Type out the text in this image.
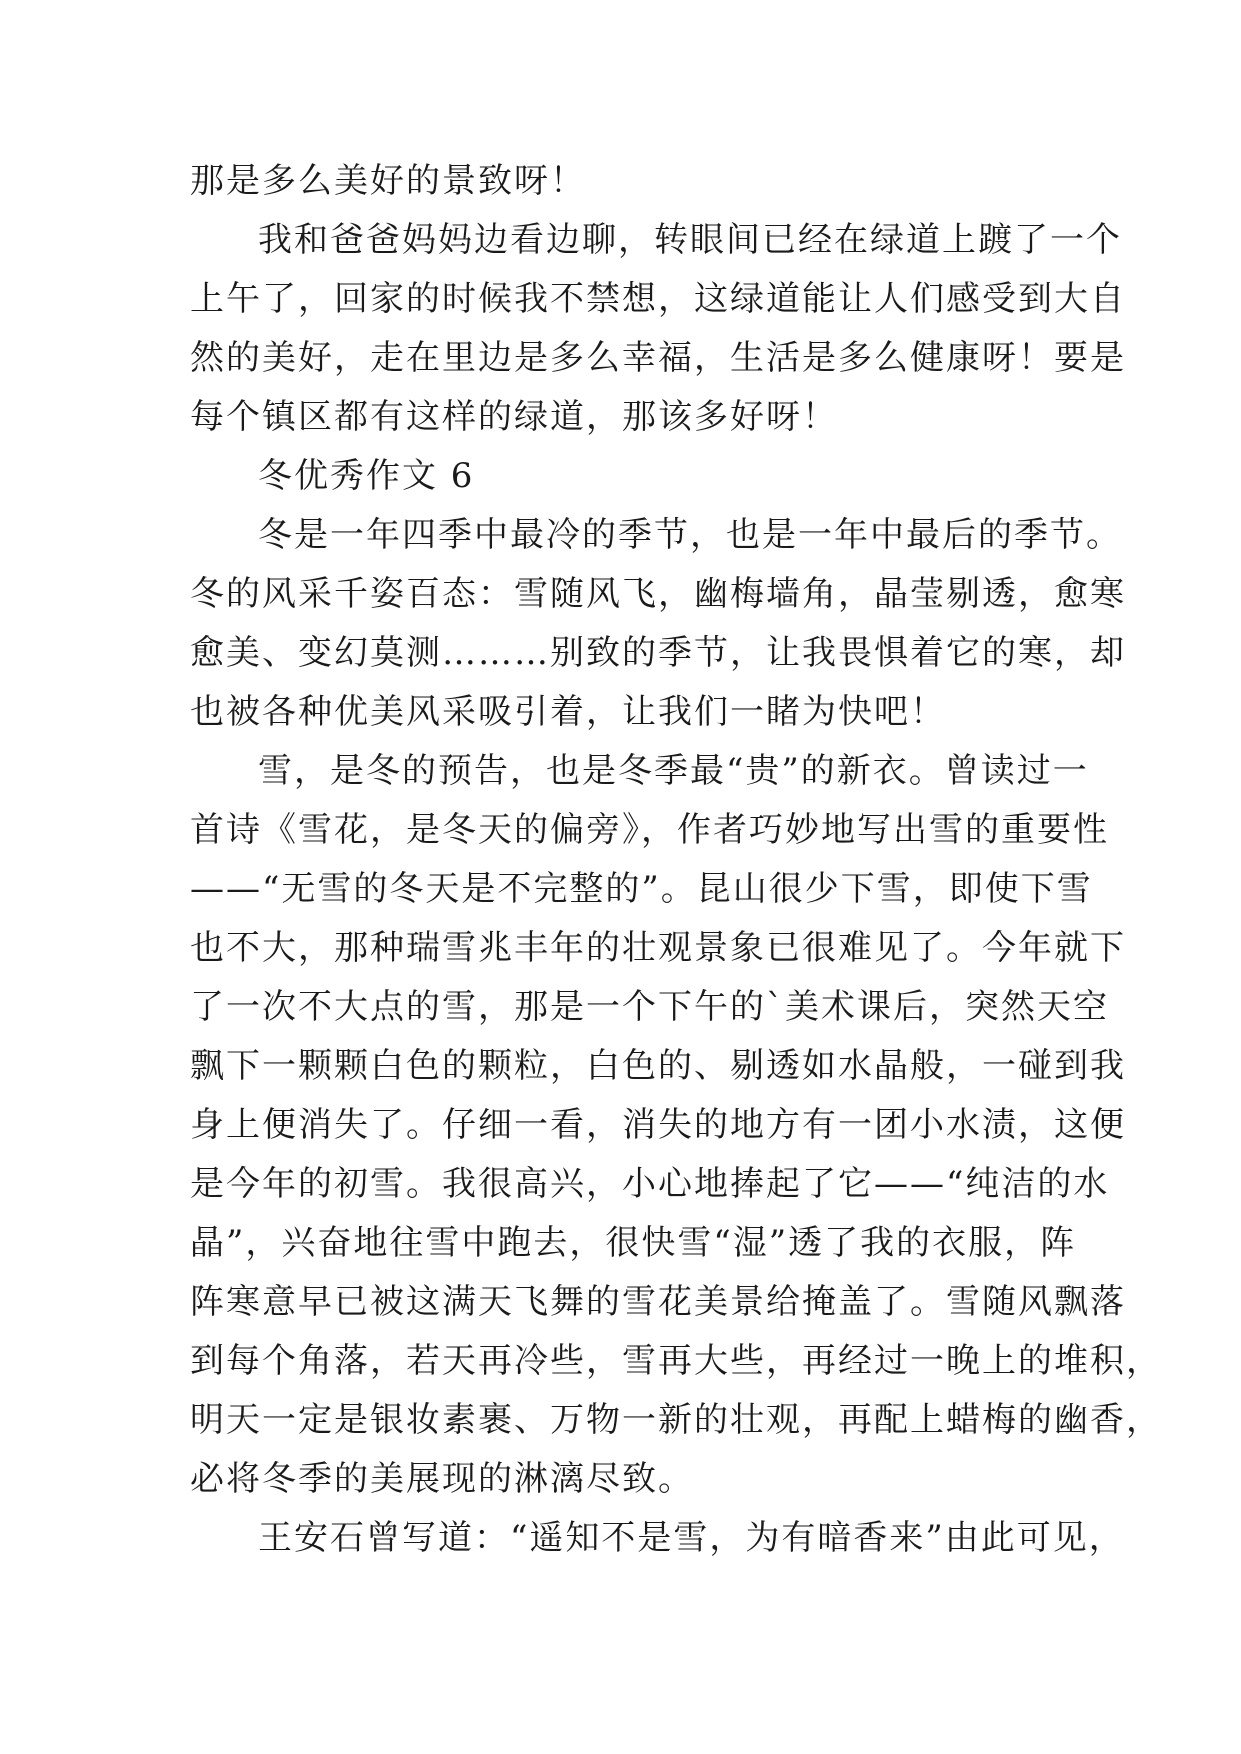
那是多么美好的景致呀！
我和爸爸妈妈边看边聊，转眼间已经在绿道上踱了一个
上午了，回家的时候我不禁想，这绿道能让人们感受到大自
然的美好，走在里边是多么幸福，生活是多么健康呀！要是
每个镇区都有这样的绿道，那该多好呀！
冬优秀作文 6
冬是一年四季中最冷的季节，也是一年中最后的季节。
冬的风采千姿百态：雪随风飞，幽梅墙角，晶莹剔透，愈寒
愈美、变幻莫测………别致的季节，让我畏惧着它的寒，却
也被各种优美风采吸引着，让我们一睹为快吧！
雪，是冬的预告，也是冬季最“贵”的新衣。曾读过一
首诗《雪花，是冬天的偏旁》，作者巧妙地写出雪的重要性
——“无雪的冬天是不完整的”。昆山很少下雪，即使下雪
也不大，那种瑞雪兆丰年的壮观景象已很难见了。今年就下
了一次不大点的雪，那是一个下午的`美术课后，突然天空
飘下一颗颗白色的颗粒，白色的、剔透如水晶般，一碰到我
身上便消失了。仔细一看，消失的地方有一团小水渍，这便
是今年的初雪。我很高兴，小心地捧起了它——“纯洁的水
晶”，兴奋地往雪中跑去，很快雪“湿”透了我的衣服，阵
阵寒意早已被这满天飞舞的雪花美景给掩盖了。雪随风飘落
到每个角落，若天再冷些，雪再大些，再经过一晚上的堆积，
明天一定是银妆素裹、万物一新的壮观，再配上蜡梅的幽香，
必将冬季的美展现的淋漓尽致。
王安石曾写道：“遥知不是雪，为有暗香来”由此可见，
